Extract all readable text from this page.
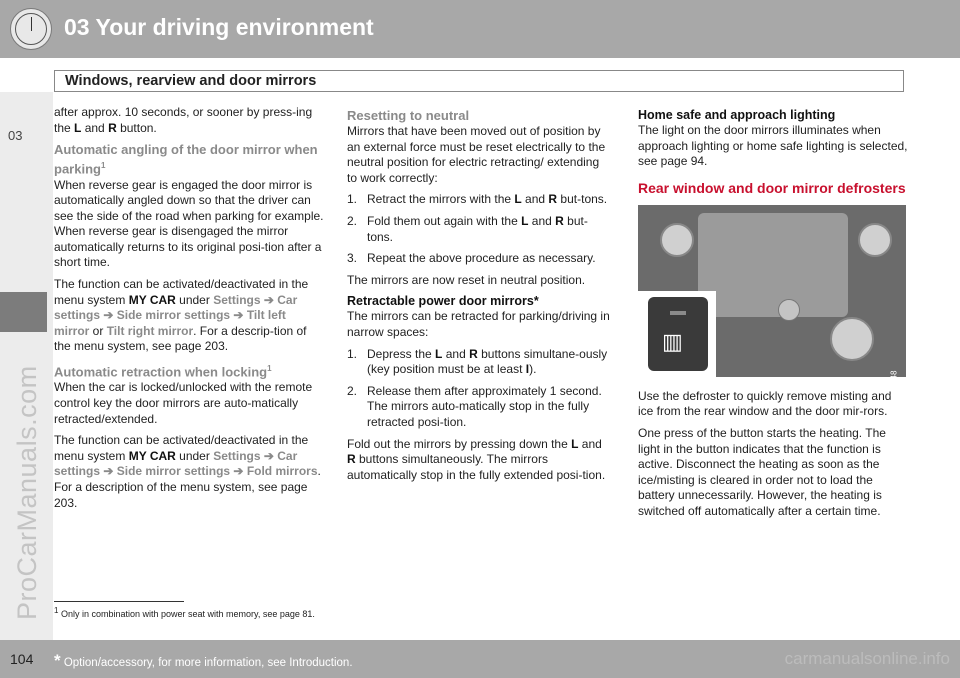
03 Your driving environment
Windows, rearview and door mirrors
03
ProCarManuals.com

after approx. 10 seconds, or sooner by press-ing the L and R button.

Automatic angling of the door mirror when parking$^1$

When reverse gear is engaged the door mirror is automatically angled down so that the driver can see the side of the road when parking for example. When reverse gear is disengaged the mirror automatically returns to its original posi-tion after a short time.

The function can be activated/deactivated in the menu system MY CAR under Settings ➔ Car settings ➔ Side mirror settings ➔ Tilt left mirror or Tilt right mirror. For a descrip-tion of the menu system, see page 203.

Automatic retraction when locking$^1$

When the car is locked/unlocked with the remote control key the door mirrors are auto-matically retracted/extended.

The function can be activated/deactivated in the menu system MY CAR under Settings ➔ Car settings ➔ Side mirror settings ➔ Fold mirrors. For a description of the menu system, see page 203.

Resetting to neutral

Mirrors that have been moved out of position by an external force must be reset electrically to the neutral position for electric retracting/ extending to work correctly:

1. Retract the mirrors with the L and R but-tons.
2. Fold them out again with the L and R but-tons.
3. Repeat the above procedure as necessary.

The mirrors are now reset in neutral position.

Retractable power door mirrors*

The mirrors can be retracted for parking/driving in narrow spaces:

1. Depress the L and R buttons simultane-ously (key position must be at least I).
2. Release them after approximately 1 second. The mirrors auto-matically stop in the fully retracted posi-tion.

Fold out the mirrors by pressing down the L and R buttons simultaneously. The mirrors automatically stop in the fully extended posi-tion.

Home safe and approach lighting

The light on the door mirrors illuminates when approach lighting or home safe lighting is selected, see page 94.

Rear window and door mirror defrosters
▥
G020048

Use the defroster to quickly remove misting and ice from the rear window and the door mir-rors.

One press of the button starts the heating. The light in the button indicates that the function is active. Disconnect the heating as soon as the ice/misting is cleared in order not to load the battery unnecessarily. However, the heating is switched off automatically after a certain time.

$^1$ Only in combination with power seat with memory, see page 81.
104 * Option/accessory, for more information, see Introduction.	carmanualsonline.info
